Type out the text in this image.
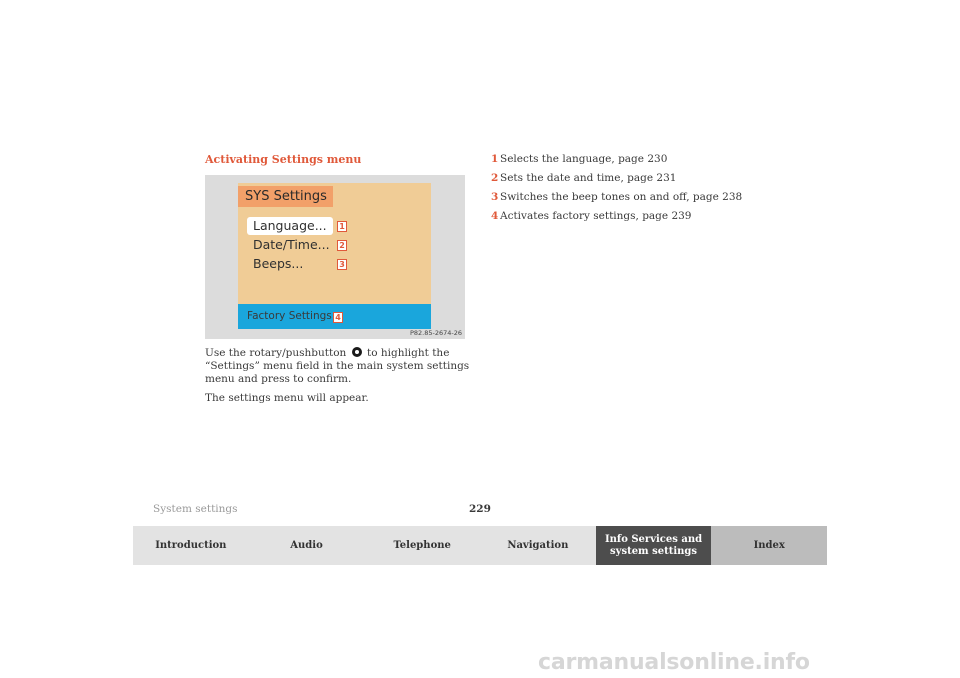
Activating Settings menu
SYS Settings
Language...	1
Date/Time...	2
Beeps...	3
Factory Settings 4
P82.85-2674-26
Use the rotary/pushbutton to highlight the
“Settings” menu field in the main system settings
menu and press to confirm.
The settings menu will appear.
1 Selects the language, page 230
2 Sets the date and time, page 231
3 Switches the beep tones on and off, page 238
4 Activates factory settings, page 239
System settings	229
Introduction	Audio	Telephone	Navigation
Info Services and
system settings
Index
carmanualsonline.info
